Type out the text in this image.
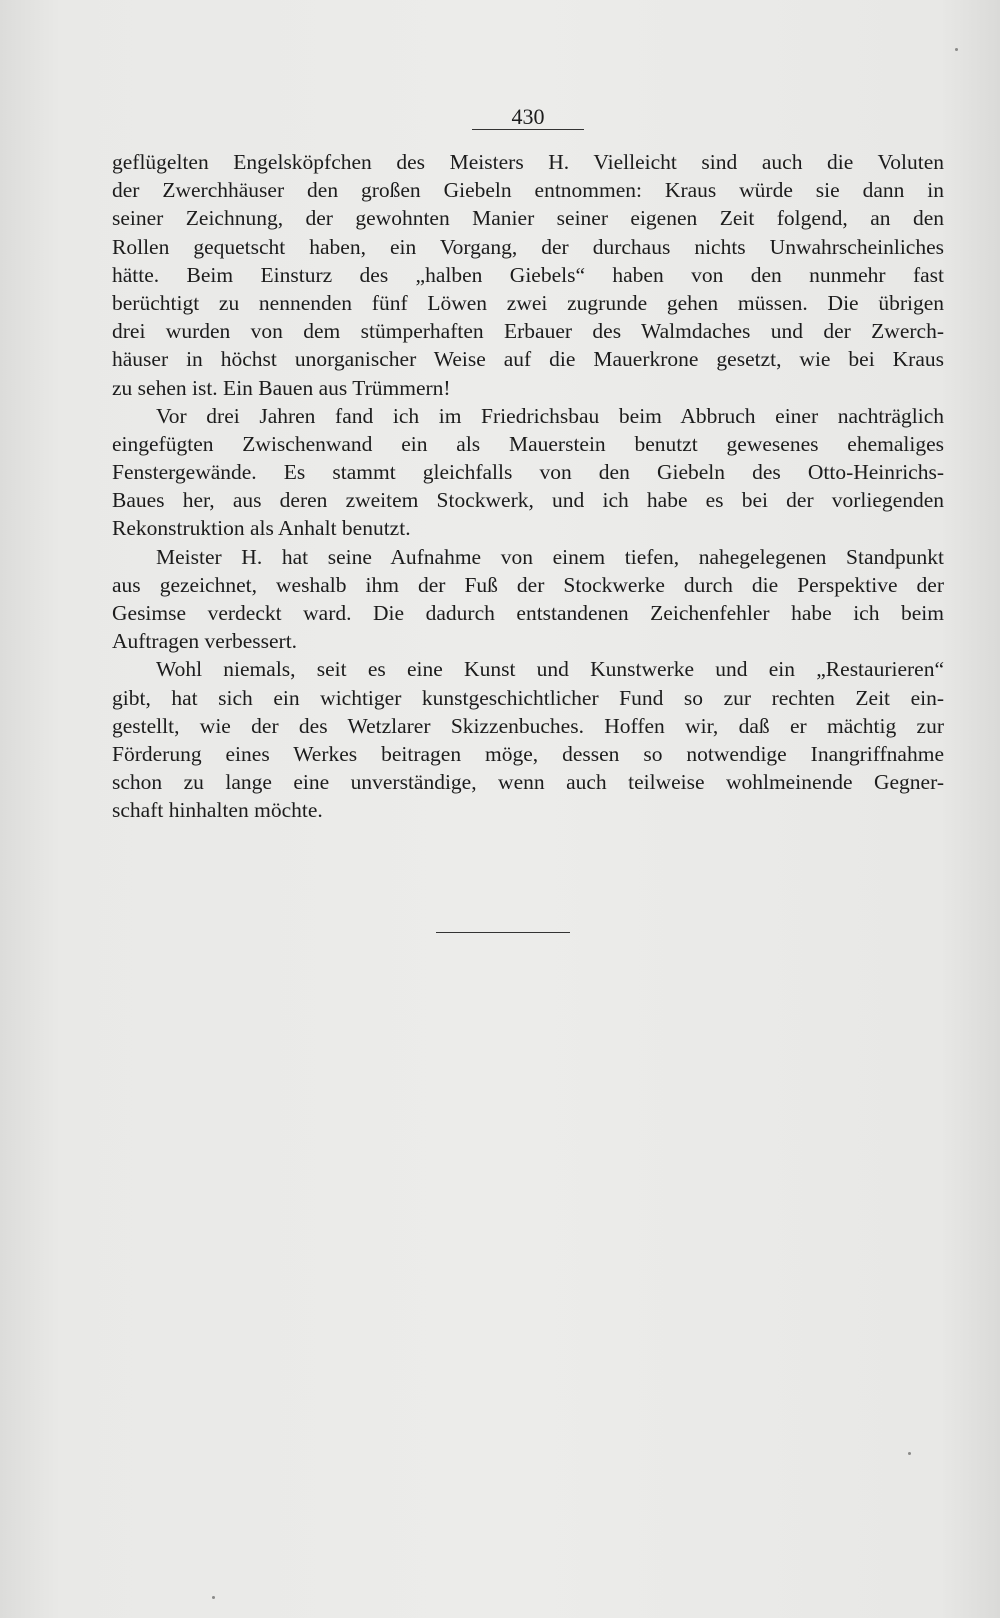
430
geflügelten Engelsköpfchen des Meisters H. Vielleicht sind auch die Voluten
der Zwerchhäuser den großen Giebeln entnommen: Kraus würde sie dann in
seiner Zeichnung, der gewohnten Manier seiner eigenen Zeit folgend, an den
Rollen gequetscht haben, ein Vorgang, der durchaus nichts Unwahrscheinliches
hätte. Beim Einsturz des „halben Giebels“ haben von den nunmehr fast
berüchtigt zu nennenden fünf Löwen zwei zugrunde gehen müssen. Die übrigen
drei wurden von dem stümperhaften Erbauer des Walmdaches und der Zwerch-
häuser in höchst unorganischer Weise auf die Mauerkrone gesetzt, wie bei Kraus
zu sehen ist. Ein Bauen aus Trümmern!
Vor drei Jahren fand ich im Friedrichsbau beim Abbruch einer nachträglich
eingefügten Zwischenwand ein als Mauerstein benutzt gewesenes ehemaliges
Fenstergewände. Es stammt gleichfalls von den Giebeln des Otto-Heinrichs-
Baues her, aus deren zweitem Stockwerk, und ich habe es bei der vorliegenden
Rekonstruktion als Anhalt benutzt.
Meister H. hat seine Aufnahme von einem tiefen, nahegelegenen Standpunkt
aus gezeichnet, weshalb ihm der Fuß der Stockwerke durch die Perspektive der
Gesimse verdeckt ward. Die dadurch entstandenen Zeichenfehler habe ich beim
Auftragen verbessert.
Wohl niemals, seit es eine Kunst und Kunstwerke und ein „Restaurieren“
gibt, hat sich ein wichtiger kunstgeschichtlicher Fund so zur rechten Zeit ein-
gestellt, wie der des Wetzlarer Skizzenbuches. Hoffen wir, daß er mächtig zur
Förderung eines Werkes beitragen möge, dessen so notwendige Inangriffnahme
schon zu lange eine unverständige, wenn auch teilweise wohlmeinende Gegner-
schaft hinhalten möchte.
